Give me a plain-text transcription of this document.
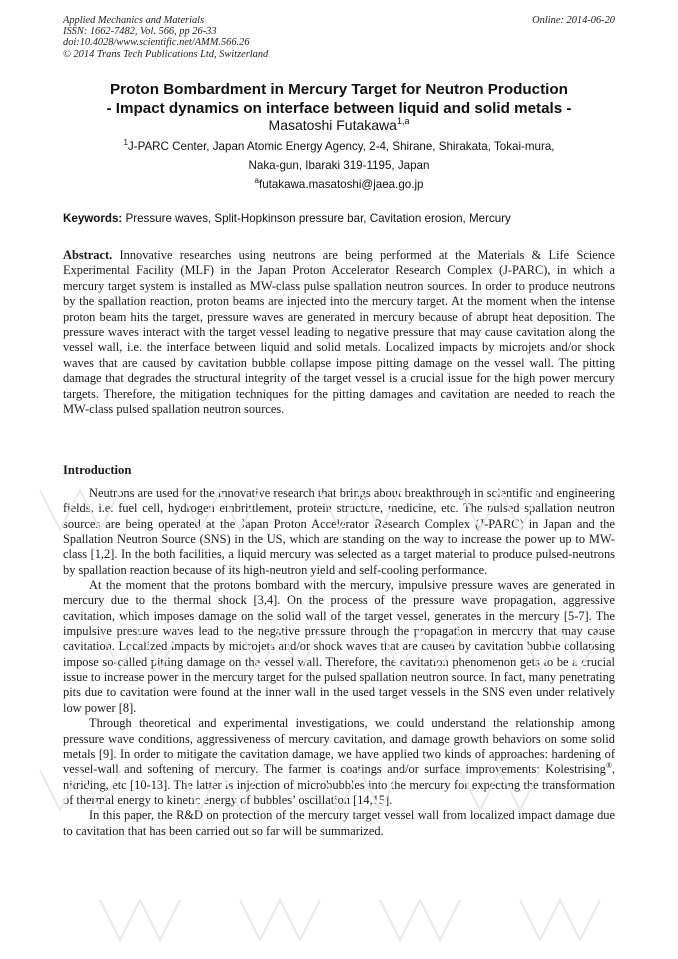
Applied Mechanics and Materials
ISSN: 1662-7482, Vol. 566, pp 26-33
doi:10.4028/www.scientific.net/AMM.566.26
© 2014 Trans Tech Publications Ltd, Switzerland
Online: 2014-06-20
Proton Bombardment in Mercury Target for Neutron Production
- Impact dynamics on interface between liquid and solid metals -
Masatoshi Futakawa$^{1,a}$
$^1$J-PARC Center, Japan Atomic Energy Agency, 2-4, Shirane, Shirakata, Tokai-mura,
Naka-gun, Ibaraki 319-1195, Japan
$^a$futakawa.masatoshi@jaea.go.jp
Keywords: Pressure waves, Split-Hopkinson pressure bar, Cavitation erosion, Mercury
Abstract. Innovative researches using neutrons are being performed at the Materials & Life Science Experimental Facility (MLF) in the Japan Proton Accelerator Research Complex (J-PARC), in which a mercury target system is installed as MW-class pulse spallation neutron sources. In order to produce neutrons by the spallation reaction, proton beams are injected into the mercury target. At the moment when the intense proton beam hits the target, pressure waves are generated in mercury because of abrupt heat deposition. The pressure waves interact with the target vessel leading to negative pressure that may cause cavitation along the vessel wall, i.e. the interface between liquid and solid metals. Localized impacts by microjets and/or shock waves that are caused by cavitation bubble collapse impose pitting damage on the vessel wall. The pitting damage that degrades the structural integrity of the target vessel is a crucial issue for the high power mercury targets. Therefore, the mitigation techniques for the pitting damages and cavitation are needed to reach the MW-class pulsed spallation neutron sources.
Introduction

Neutrons are used for the innovative research that brings about breakthrough in scientific and engineering fields, i.e. fuel cell, hydrogen embrittlement, protein structure, medicine, etc. The pulsed spallation neutron sources are being operated at the Japan Proton Accelerator Research Complex (J-PARC) in Japan and the Spallation Neutron Source (SNS) in the US, which are standing on the way to increase the power up to MW-class [1,2]. In the both facilities, a liquid mercury was selected as a target material to produce pulsed-neutrons by spallation reaction because of its high-neutron yield and self-cooling performance.

At the moment that the protons bombard with the mercury, impulsive pressure waves are generated in mercury due to the thermal shock [3,4]. On the process of the pressure wave propagation, aggressive cavitation, which imposes damage on the solid wall of the target vessel, generates in the mercury [5-7]. The impulsive pressure waves lead to the negative pressure through the propagation in mercury that may cause cavitation. Localized impacts by microjets and/or shock waves that are caused by cavitation bubble collapsing impose so-called pitting damage on the vessel wall. Therefore, the cavitation phenomenon gets to be a crucial issue to increase power in the mercury target for the pulsed spallation neutron source. In fact, many penetrating pits due to cavitation were found at the inner wall in the used target vessels in the SNS even under relatively low power [8].

Through theoretical and experimental investigations, we could understand the relationship among pressure wave conditions, aggressiveness of mercury cavitation, and damage growth behaviors on some solid metals [9]. In order to mitigate the cavitation damage, we have applied two kinds of approaches: hardening of vessel-wall and softening of mercury. The farmer is coatings and/or surface improvements: Kolestrising®, nitriding, etc [10-13]. The latter is injection of microbubbles into the mercury for expecting the transformation of thermal energy to kinetic energy of bubbles’ oscillation [14,15].

In this paper, the R&D on protection of the mercury target vessel wall from localized impact damage due to cavitation that has been carried out so far will be summarized.
